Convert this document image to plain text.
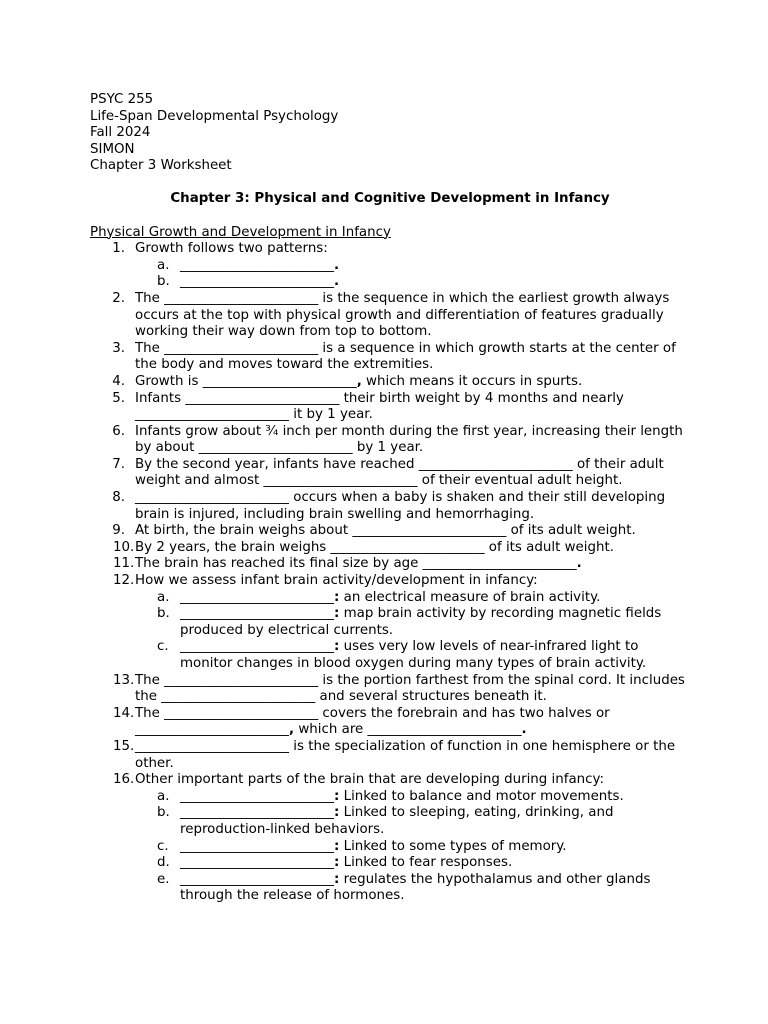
PSYC 255
Life-Span Developmental Psychology
Fall 2024
SIMON
Chapter 3 Worksheet
Chapter 3: Physical and Cognitive Development in Infancy
Physical Growth and Development in Infancy
1. Growth follows two patterns:
a. _______________________.
b. _______________________.
2. The _______________________ is the sequence in which the earliest growth always occurs at the top with physical growth and differentiation of features gradually working their way down from top to bottom.
3. The _______________________ is a sequence in which growth starts at the center of the body and moves toward the extremities.
4. Growth is _______________________, which means it occurs in spurts.
5. Infants _______________________ their birth weight by 4 months and nearly _______________________ it by 1 year.
6. Infants grow about ¾ inch per month during the first year, increasing their length by about _______________________ by 1 year.
7. By the second year, infants have reached _______________________ of their adult weight and almost _______________________ of their eventual adult height.
8. _______________________ occurs when a baby is shaken and their still developing brain is injured, including brain swelling and hemorrhaging.
9. At birth, the brain weighs about _______________________ of its adult weight.
10. By 2 years, the brain weighs _______________________ of its adult weight.
11. The brain has reached its final size by age _______________________.
12. How we assess infant brain activity/development in infancy:
a. _______________________: an electrical measure of brain activity.
b. _______________________: map brain activity by recording magnetic fields produced by electrical currents.
c. _______________________: uses very low levels of near-infrared light to monitor changes in blood oxygen during many types of brain activity.
13. The _______________________ is the portion farthest from the spinal cord. It includes the _______________________ and several structures beneath it.
14. The _______________________ covers the forebrain and has two halves or _______________________, which are _______________________.
15. _______________________ is the specialization of function in one hemisphere or the other.
16. Other important parts of the brain that are developing during infancy:
a. _______________________: Linked to balance and motor movements.
b. _______________________: Linked to sleeping, eating, drinking, and reproduction-linked behaviors.
c. _______________________: Linked to some types of memory.
d. _______________________: Linked to fear responses.
e. _______________________: regulates the hypothalamus and other glands through the release of hormones.
